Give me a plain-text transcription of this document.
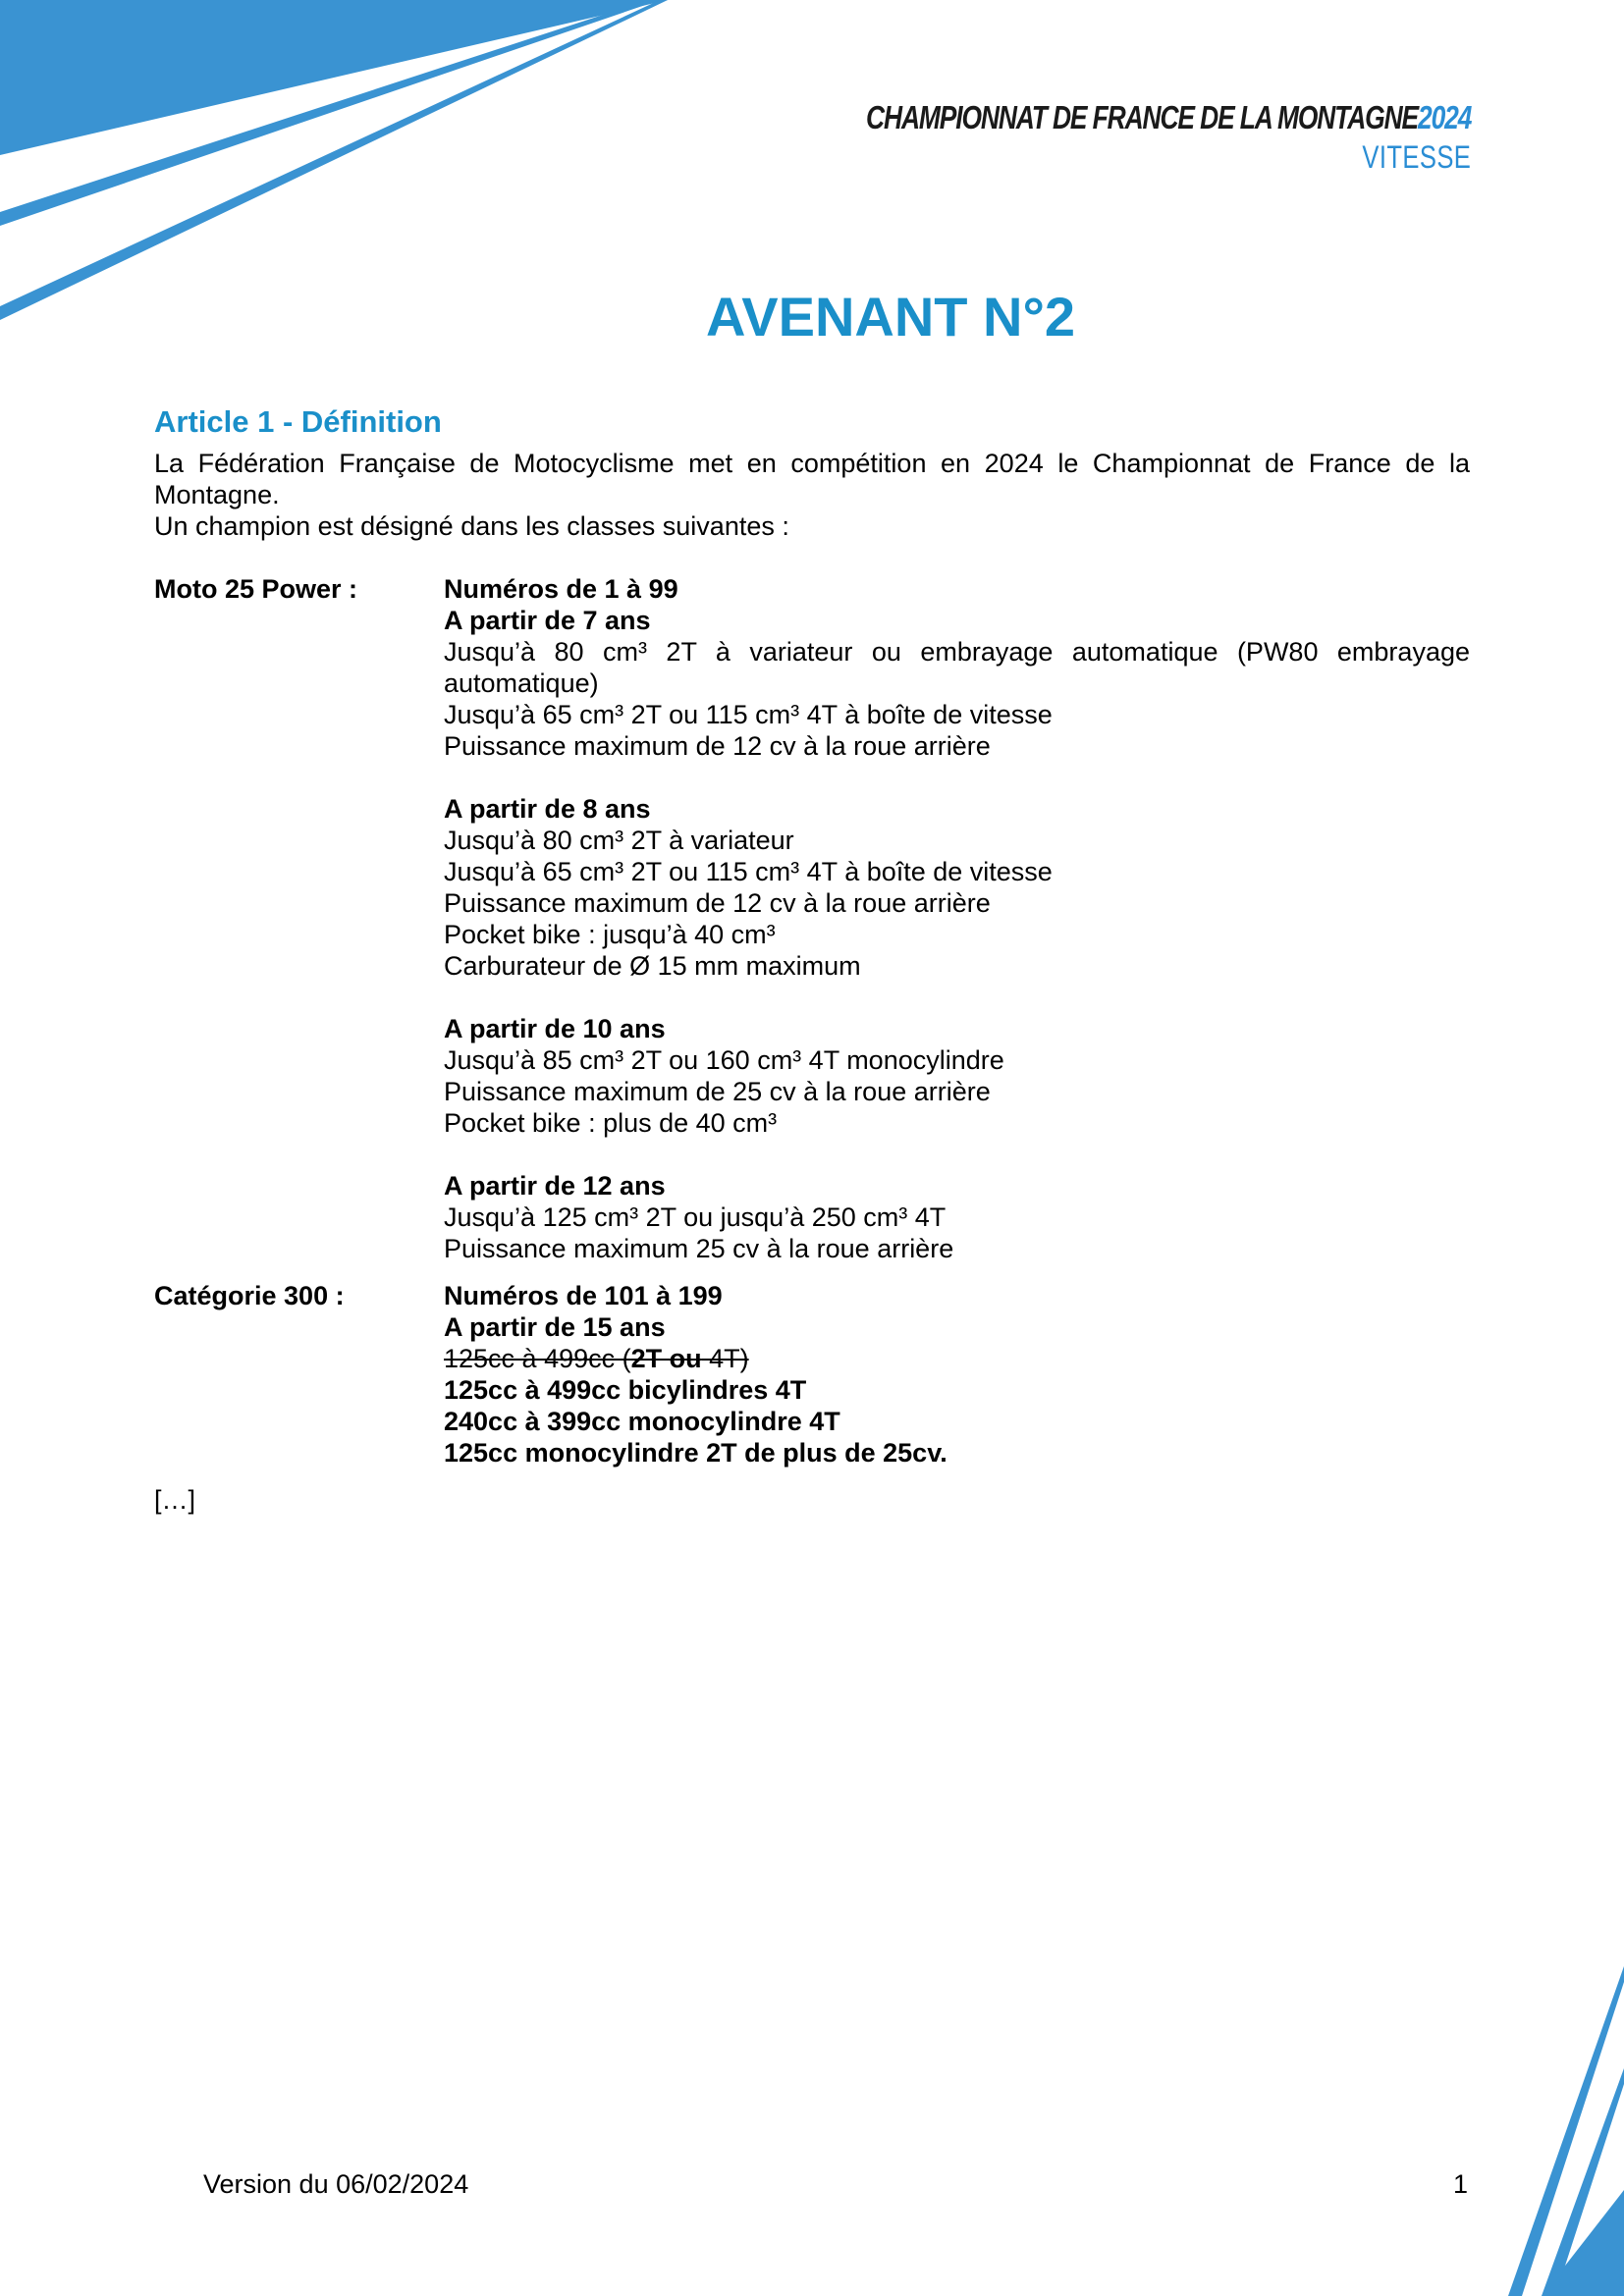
CHAMPIONNAT DE FRANCE DE LA MONTAGNE2024
VITESSE
AVENANT N°2
Article 1 - Définition

La Fédération Française de Motocyclisme met en compétition en 2024 le Championnat de France de la Montagne.

Un champion est désigné dans les classes suivantes :

Moto 25 Power :	Numéros de 1 à 99

A partir de 7 ans

Jusqu’à 80 cm³ 2T à variateur ou embrayage automatique (PW80 embrayage automatique)

Jusqu’à 65 cm³ 2T ou 115 cm³ 4T à boîte de vitesse

Puissance maximum de 12 cv à la roue arrière

A partir de 8 ans

Jusqu’à 80 cm³ 2T à variateur

Jusqu’à 65 cm³ 2T ou 115 cm³ 4T à boîte de vitesse

Puissance maximum de 12 cv à la roue arrière

Pocket bike : jusqu’à 40 cm³

Carburateur de Ø 15 mm maximum

A partir de 10 ans

Jusqu’à 85 cm³ 2T ou 160 cm³ 4T monocylindre

Puissance maximum de 25 cv à la roue arrière

Pocket bike : plus de 40 cm³

A partir de 12 ans

Jusqu’à 125 cm³ 2T ou jusqu’à 250 cm³ 4T

Puissance maximum 25 cv à la roue arrière

Catégorie 300 :	Numéros de 101 à 199

A partir de 15 ans

125cc à 499cc (2T ou 4T)

125cc à 499cc bicylindres 4T

240cc à 399cc monocylindre 4T

125cc monocylindre 2T de plus de 25cv.

[…]

Version du 06/02/2024	1
